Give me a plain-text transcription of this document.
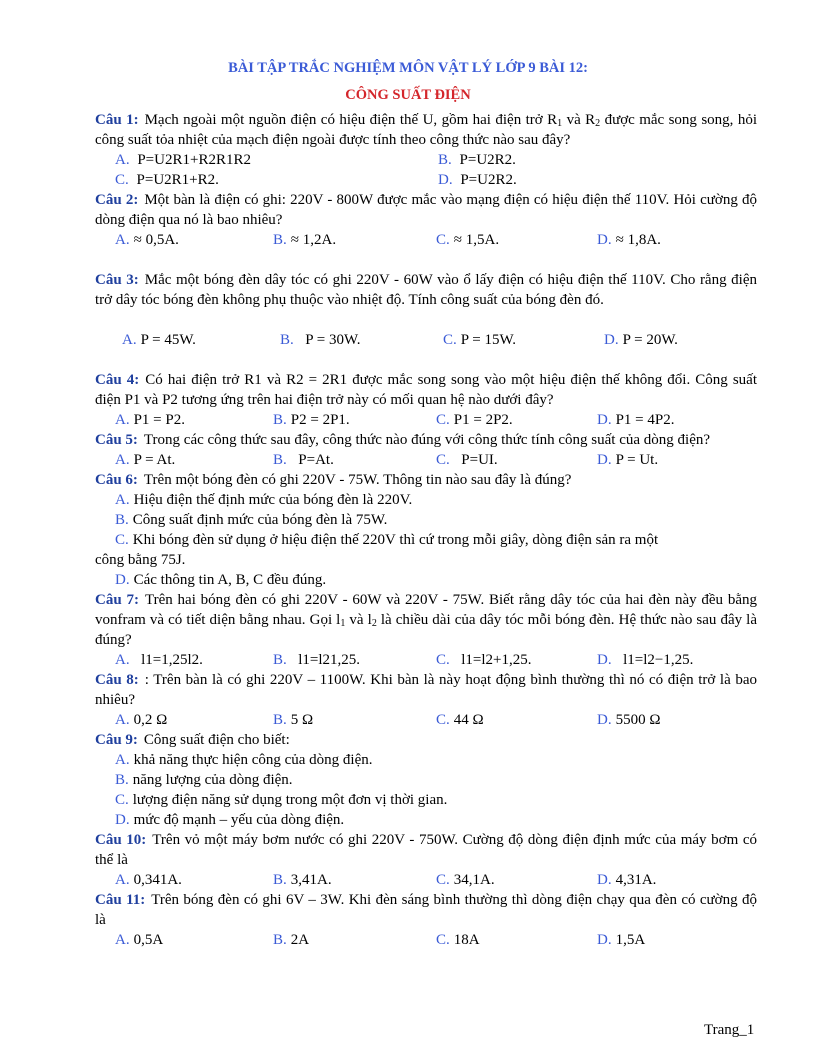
BÀI TẬP TRẮC NGHIỆM MÔN VẬT LÝ LỚP 9 BÀI 12:
CÔNG SUẤT ĐIỆN

Câu 1: Mạch ngoài một nguồn điện có hiệu điện thế U, gồm hai điện trở $R_1$ và $R_2$ được mắc song song, hỏi công suất tỏa nhiệt của mạch điện ngoài được tính theo công thức nào sau đây?

A. P=U2R1+R2R1R2	B. P=U2R2.
C. P=U2R1+R2.	D. P=U2R2.

Câu 2: Một bàn là điện có ghi: 220V - 800W được mắc vào mạng điện có hiệu điện thế 110V. Hỏi cường độ dòng điện qua nó là bao nhiêu?

A. ≈ 0,5A.	B. ≈ 1,2A.	C. ≈ 1,5A.	D. ≈ 1,8A.

Câu 3: Mắc một bóng đèn dây tóc có ghi 220V - 60W vào ổ lấy điện có hiệu điện thế 110V. Cho rằng điện trở dây tóc bóng đèn không phụ thuộc vào nhiệt độ. Tính công suất của bóng đèn đó.

A. P = 45W.	B. P = 30W.	C. P = 15W.	D. P = 20W.

Câu 4: Có hai điện trở R1 và R2 = 2R1 được mắc song song vào một hiệu điện thế không đổi. Công suất điện P1 và P2 tương ứng trên hai điện trở này có mối quan hệ nào dưới đây?

A. P1 = P2.	B. P2 = 2P1.	C. P1 = 2P2.	D. P1 = 4P2.

Câu 5: Trong các công thức sau đây, công thức nào đúng với công thức tính công suất của dòng điện?

A. P = At.	B. P=At.	C. P=UI.	D. P = Ut.

Câu 6: Trên một bóng đèn có ghi 220V - 75W. Thông tin nào sau đây là đúng?

A. Hiệu điện thế định mức của bóng đèn là 220V.

B. Công suất định mức của bóng đèn là 75W.

C. Khi bóng đèn sử dụng ở hiệu điện thế 220V thì cứ trong mỗi giây, dòng điện sản ra một

công bằng 75J.

D. Các thông tin A, B, C đều đúng.

Câu 7: Trên hai bóng đèn có ghi 220V - 60W và 220V - 75W. Biết rằng dây tóc của hai đèn này đều bằng vonfram và có tiết diện bằng nhau. Gọi $l_1$ và $l_2$ là chiều dài của dây tóc mỗi bóng đèn. Hệ thức nào sau đây là đúng?

A. l1=1,25l2.	B. l1=l21,25.	C. l1=l2+1,25.	D. l1=l2−1,25.

Câu 8: : Trên bàn là có ghi 220V – 1100W. Khi bàn là này hoạt động bình thường thì nó có điện trở là bao nhiêu?

A. 0,2 Ω	B. 5 Ω	C. 44 Ω	D. 5500 Ω

Câu 9: Công suất điện cho biết:

A. khả năng thực hiện công của dòng điện.

B. năng lượng của dòng điện.

C. lượng điện năng sử dụng trong một đơn vị thời gian.

D. mức độ mạnh – yếu của dòng điện.

Câu 10: Trên vỏ một máy bơm nước có ghi 220V - 750W. Cường độ dòng điện định mức của máy bơm có thể là

A. 0,341A.	B. 3,41A.	C. 34,1A.	D. 4,31A.

Câu 11: Trên bóng đèn có ghi 6V – 3W. Khi đèn sáng bình thường thì dòng điện chạy qua đèn có cường độ là

A. 0,5A	B. 2A	C. 18A	D. 1,5A
Trang_1
